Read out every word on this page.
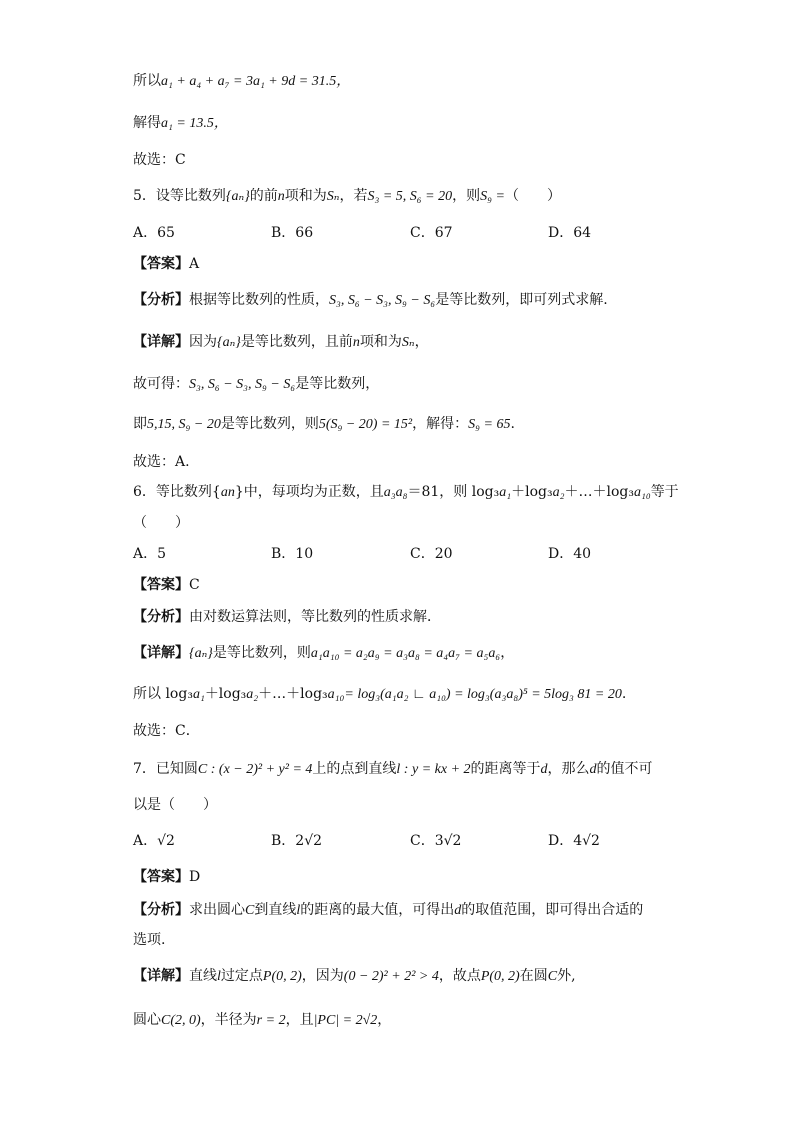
所以a₁ + a₄ + a₇ = 3a₁ + 9d = 31.5，
解得a₁ = 13.5，
故选：C
5．设等比数列{aₙ}的前n项和为Sₙ，若S₃ = 5, S₆ = 20，则S₉ =（　　）
A．65	B．66	C．67	D．64
【答案】A
【分析】根据等比数列的性质，S₃, S₆ − S₃, S₉ − S₆是等比数列，即可列式求解.
【详解】因为{aₙ}是等比数列，且前n项和为Sₙ，
故可得：S₃, S₆ − S₃, S₉ − S₆是等比数列，
即5,15, S₉ − 20是等比数列，则5(S₉ − 20) = 15²，解得：S₉ = 65.
故选：A.
6．等比数列{an}中，每项均为正数，且a₃a₈＝81，则 log₃a₁＋log₃a₂＋…＋log₃a₁₀等于
（　　）
A．5	B．10	C．20	D．40
【答案】C
【分析】由对数运算法则，等比数列的性质求解．
【详解】{aₙ}是等比数列，则a₁a₁₀ = a₂a₉ = a₃a₈ = a₄a₇ = a₅a₆，
所以 log₃a₁＋log₃a₂＋…＋log₃a₁₀= log₃(a₁a₂ ∟ a₁₀) = log₃(a₃a₈)⁵ = 5log₃ 81 = 20.
故选：C．
7．已知圆C : (x − 2)² + y² = 4上的点到直线l : y = kx + 2的距离等于d，那么d的值不可
以是（　　）
A．√2	B．2√2	C．3√2	D．4√2
【答案】D
【分析】求出圆心C到直线l的距离的最大值，可得出d的取值范围，即可得出合适的
选项.
【详解】直线l过定点P(0, 2)，因为(0 − 2)² + 2² > 4，故点P(0, 2)在圆C外,
圆心C(2, 0)，半径为r = 2，且|PC| = 2√2，
